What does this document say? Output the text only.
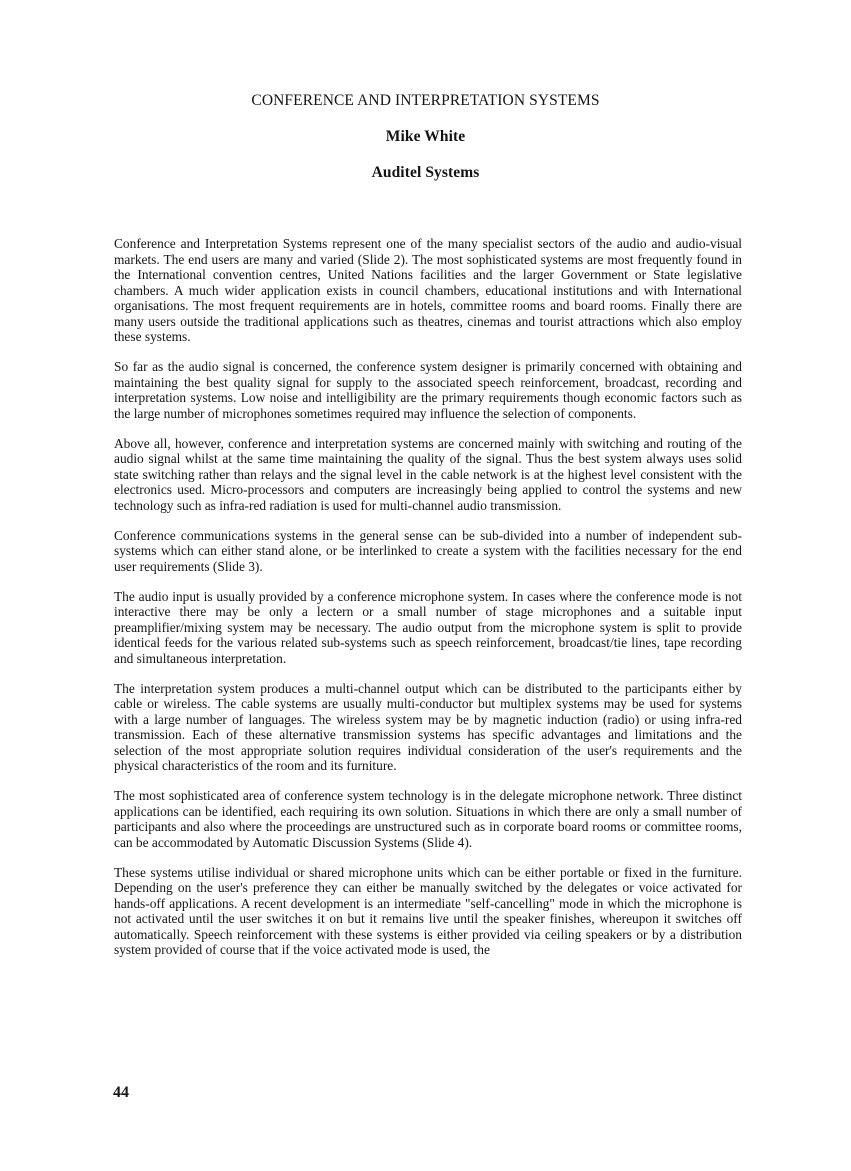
CONFERENCE AND INTERPRETATION SYSTEMS
Mike White
Auditel Systems

Conference and Interpretation Systems represent one of the many specialist sectors of the audio and audio-visual markets. The end users are many and varied (Slide 2). The most sophisticated systems are most frequently found in the International convention centres, United Nations facilities and the larger Government or State legislative chambers. A much wider application exists in council chambers, educational institutions and with International organisations. The most frequent requirements are in hotels, committee rooms and board rooms. Finally there are many users outside the traditional applications such as theatres, cinemas and tourist attractions which also employ these systems.

So far as the audio signal is concerned, the conference system designer is primarily concerned with obtaining and maintaining the best quality signal for supply to the associated speech reinforcement, broadcast, recording and interpretation systems. Low noise and intelligibility are the primary requirements though economic factors such as the large number of microphones sometimes required may influence the selection of components.

Above all, however, conference and interpretation systems are concerned mainly with switching and routing of the audio signal whilst at the same time maintaining the quality of the signal. Thus the best system always uses solid state switching rather than relays and the signal level in the cable network is at the highest level consistent with the electronics used. Micro-processors and computers are increasingly being applied to control the systems and new technology such as infra-red radiation is used for multi-channel audio transmission.

Conference communications systems in the general sense can be sub-divided into a number of independent sub-systems which can either stand alone, or be interlinked to create a system with the facilities necessary for the end user requirements (Slide 3).

The audio input is usually provided by a conference microphone system. In cases where the conference mode is not interactive there may be only a lectern or a small number of stage microphones and a suitable input preamplifier/mixing system may be necessary. The audio output from the microphone system is split to provide identical feeds for the various related sub-systems such as speech reinforcement, broadcast/tie lines, tape recording and simultaneous interpretation.

The interpretation system produces a multi-channel output which can be distributed to the participants either by cable or wireless. The cable systems are usually multi-conductor but multiplex systems may be used for systems with a large number of languages. The wireless system may be by magnetic induction (radio) or using infra-red transmission. Each of these alternative transmission systems has specific advantages and limitations and the selection of the most appropriate solution requires individual consideration of the user's requirements and the physical characteristics of the room and its furniture.

The most sophisticated area of conference system technology is in the delegate microphone network. Three distinct applications can be identified, each requiring its own solution. Situations in which there are only a small number of participants and also where the proceedings are unstructured such as in corporate board rooms or committee rooms, can be accommodated by Automatic Discussion Systems (Slide 4).

These systems utilise individual or shared microphone units which can be either portable or fixed in the furniture. Depending on the user's preference they can either be manually switched by the delegates or voice activated for hands-off applications. A recent development is an intermediate "self-cancelling" mode in which the microphone is not activated until the user switches it on but it remains live until the speaker finishes, whereupon it switches off automatically. Speech reinforcement with these systems is either provided via ceiling speakers or by a distribution system provided of course that if the voice activated mode is used, the

44
